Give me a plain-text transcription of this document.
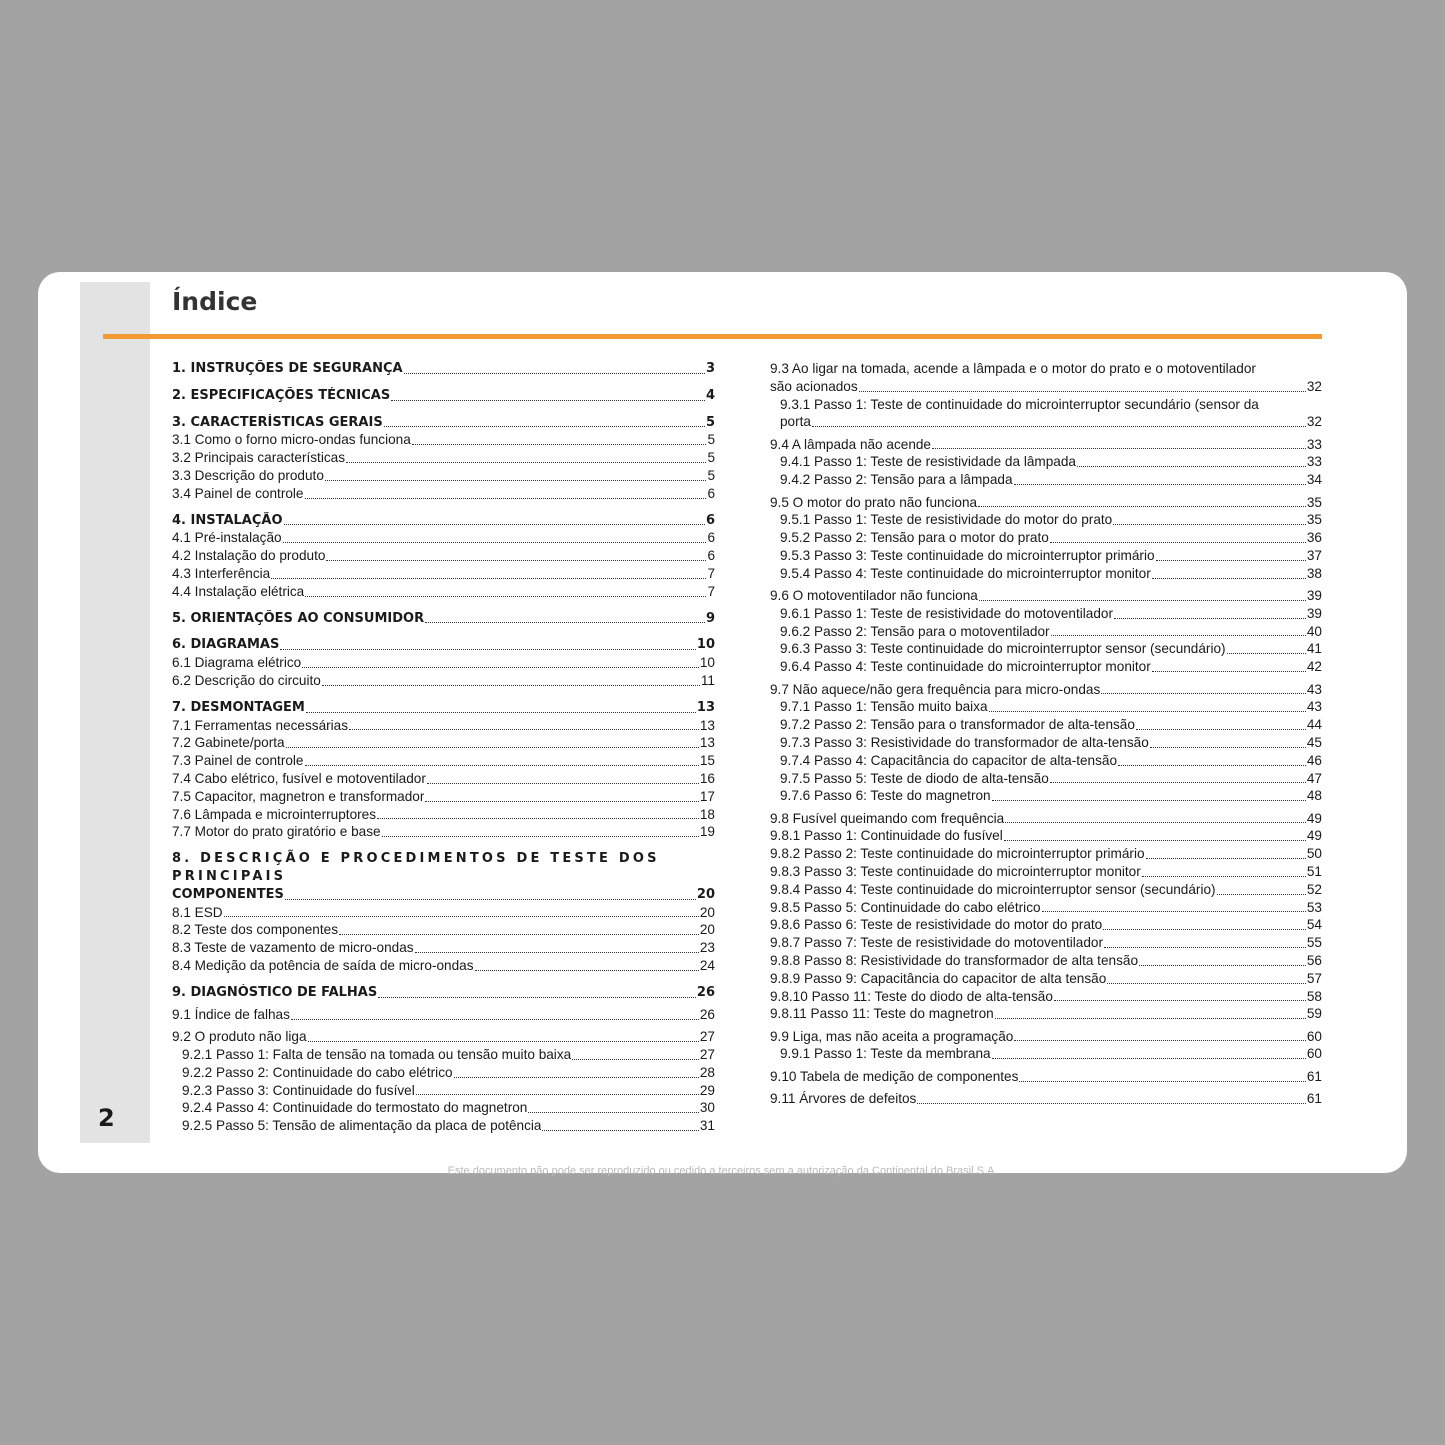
Índice
2
1. INSTRUÇÕES DE SEGURANÇA	3
2. ESPECIFICAÇÕES TÉCNICAS	4
3. CARACTERÍSTICAS GERAIS	5
3.1 Como o forno micro-ondas funciona	5
3.2 Principais características	5
3.3 Descrição do produto	5
3.4 Painel de controle	6
4. INSTALAÇÃO	6
4.1 Pré-instalação	6
4.2 Instalação do produto	6
4.3 Interferência	7
4.4 Instalação elétrica	7
5. ORIENTAÇÕES AO CONSUMIDOR	9
6. DIAGRAMAS	10
6.1 Diagrama elétrico	10
6.2 Descrição do circuito	11
7. DESMONTAGEM	13
7.1 Ferramentas necessárias	13
7.2 Gabinete/porta	13
7.3 Painel de controle	15
7.4 Cabo elétrico, fusível e motoventilador	16
7.5 Capacitor, magnetron e transformador	17
7.6 Lâmpada e microinterruptores	18
7.7 Motor do prato giratório e base	19
8. DESCRIÇÃO E PROCEDIMENTOS DE TESTE DOS PRINCIPAIS
COMPONENTES	20
8.1 ESD	20
8.2 Teste dos componentes	20
8.3 Teste de vazamento de micro-ondas	23
8.4 Medição da potência de saída de micro-ondas	24
9. DIAGNÓSTICO DE FALHAS	26
9.1 Índice de falhas	26
9.2 O produto não liga	27
9.2.1 Passo 1: Falta de tensão na tomada ou tensão muito baixa	27
9.2.2 Passo 2: Continuidade do cabo elétrico	28
9.2.3 Passo 3: Continuidade do fusível	29
9.2.4 Passo 4: Continuidade do termostato do magnetron	30
9.2.5 Passo 5: Tensão de alimentação da placa de potência	31
9.3 Ao ligar na tomada, acende a lâmpada e o motor do prato e o motoventilador
são acionados	32
9.3.1 Passo 1: Teste de continuidade do microinterruptor secundário (sensor da
porta	32
9.4 A lâmpada não acende	33
9.4.1 Passo 1: Teste de resistividade da lâmpada	33
9.4.2 Passo 2: Tensão para a lâmpada	34
9.5 O motor do prato não funciona	35
9.5.1 Passo 1: Teste de resistividade do motor do prato	35
9.5.2 Passo 2: Tensão para o motor do prato	36
9.5.3 Passo 3: Teste continuidade do microinterruptor primário	37
9.5.4 Passo 4: Teste continuidade do microinterruptor monitor	38
9.6 O motoventilador não funciona	39
9.6.1 Passo 1: Teste de resistividade do motoventilador	39
9.6.2 Passo 2: Tensão para o motoventilador	40
9.6.3 Passo 3: Teste continuidade do microinterruptor sensor (secundário)	41
9.6.4 Passo 4: Teste continuidade do microinterruptor monitor	42
9.7 Não aquece/não gera frequência para micro-ondas	43
9.7.1 Passo 1: Tensão muito baixa	43
9.7.2 Passo 2: Tensão para o transformador de alta-tensão	44
9.7.3 Passo 3: Resistividade do transformador de alta-tensão	45
9.7.4 Passo 4: Capacitância do capacitor de alta-tensão	46
9.7.5 Passo 5: Teste de diodo de alta-tensão	47
9.7.6 Passo 6: Teste do magnetron	48
9.8 Fusível queimando com frequência	49
9.8.1 Passo 1: Continuidade do fusível	49
9.8.2 Passo 2: Teste continuidade do microinterruptor primário	50
9.8.3 Passo 3: Teste continuidade do microinterruptor monitor	51
9.8.4 Passo 4: Teste continuidade do microinterruptor sensor (secundário)	52
9.8.5 Passo 5: Continuidade do cabo elétrico	53
9.8.6 Passo 6: Teste de resistividade do motor do prato	54
9.8.7 Passo 7: Teste de resistividade do motoventilador	55
9.8.8 Passo 8: Resistividade do transformador de alta tensão	56
9.8.9 Passo 9: Capacitância do capacitor de alta tensão	57
9.8.10 Passo 11: Teste do diodo de alta-tensão	58
9.8.11 Passo 11: Teste do magnetron	59
9.9 Liga, mas não aceita a programação	60
9.9.1 Passo 1: Teste da membrana	60
9.10 Tabela de medição de componentes	61
9.11 Árvores de defeitos	61
Este documento não pode ser reproduzido ou cedido a terceiros sem a autorização da Continental do Brasil S.A.
